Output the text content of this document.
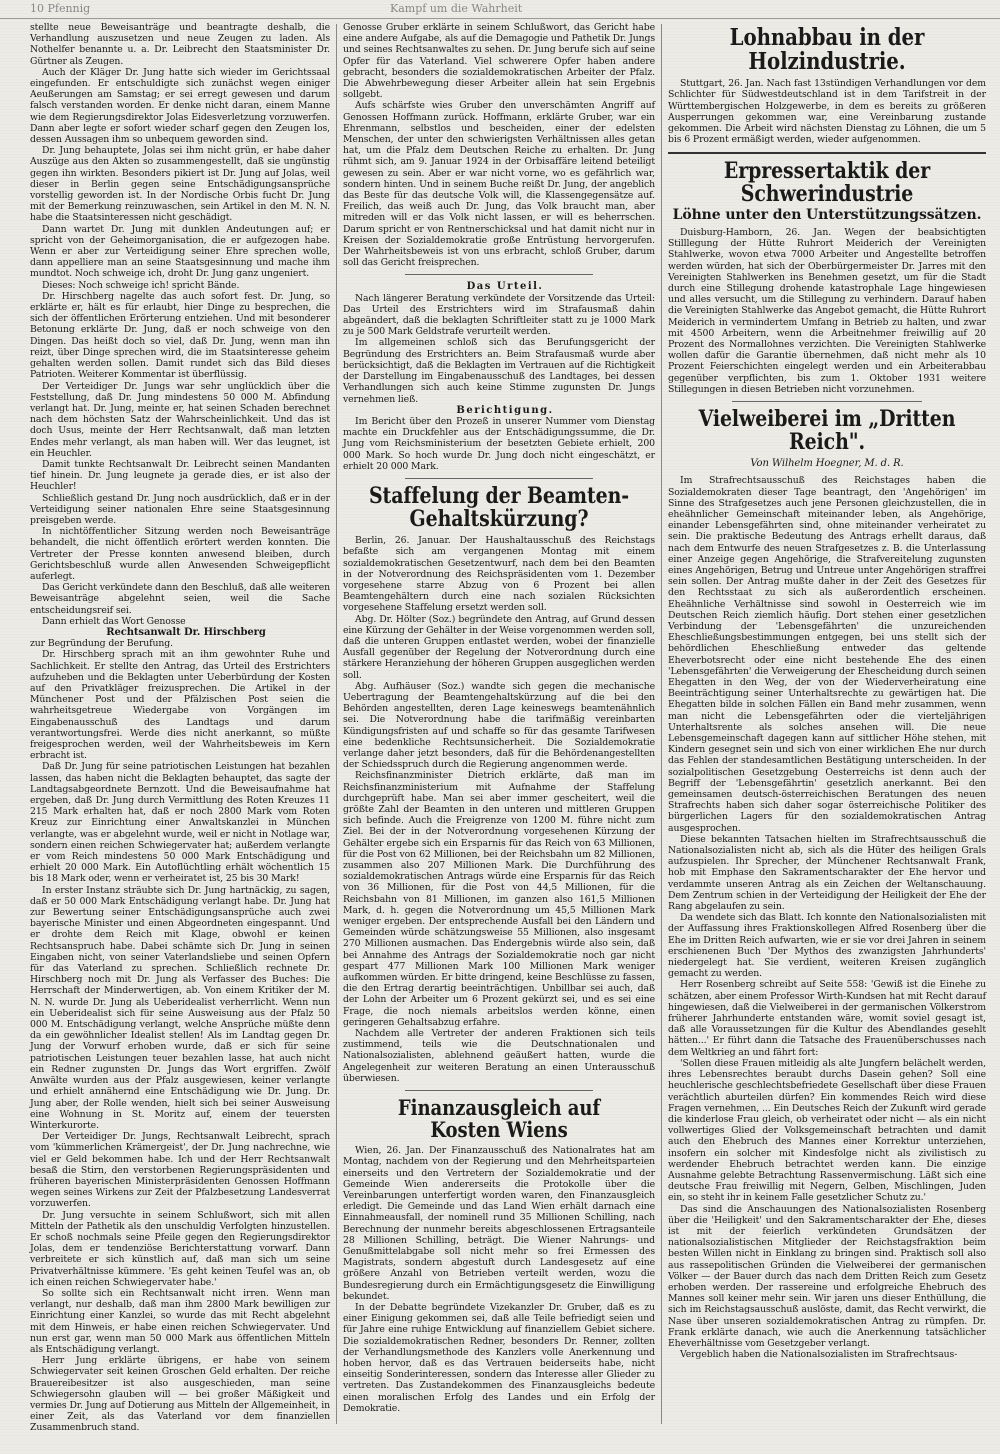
10 Pfennig	Kampf um die Wahrheit

stellte neue Beweisanträge und beantragte deshalb, die Verhandlung auszusetzen und neue Zeugen zu laden. Als Nothelfer benannte u. a. Dr. Leibrecht den Staatsminister Dr. Gürtner als Zeugen.

Auch der Kläger Dr. Jung hatte sich wieder im Gerichtssaal eingefunden. Er entschuldigte sich zunächst wegen einiger Aeußerungen am Samstag; er sei erregt gewesen und darum falsch verstanden worden. Er denke nicht daran, einem Manne wie dem Regierungsdirektor Jolas Eidesverletzung vorzuwerfen. Dann aber legte er sofort wieder scharf gegen den Zeugen los, dessen Aussagen ihm so unbequem geworden sind.

Dr. Jung behauptete, Jolas sei ihm nicht grün, er habe daher Auszüge aus den Akten so zusammengestellt, daß sie ungünstig gegen ihn wirkten. Besonders pikiert ist Dr. Jung auf Jolas, weil dieser in Berlin gegen seine Entschädigungsansprüche vorstellig geworden ist. In der Nordische Orbis fucht Dr. Jung mit der Bemerkung reinzuwaschen, sein Artikel in den M. N. N. habe die Staatsinteressen nicht geschädigt.

Dann wartet Dr. Jung mit dunklen Andeutungen auf; er spricht von der Geheimorganisation, die er aufgezogen habe. Wenn er aber zur Verteidigung seiner Ehre sprechen wolle, dann appelliere man an seine Staatsgesinnung und mache ihm mundtot. Noch schweige ich, droht Dr. Jung ganz ungeniert.

Dieses: Noch schweige ich! spricht Bände.

Dr. Hirschberg nagelte das auch sofort fest. Dr. Jung, so erklärte er, hält es für erlaubt, hier Dinge zu besprechen, die sich der öffentlichen Erörterung entziehen. Und mit besonderer Betonung erklärte Dr. Jung, daß er noch schweige von den Dingen. Das heißt doch so viel, daß Dr. Jung, wenn man ihn reizt, über Dinge sprechen wird, die im Staatsinteresse geheim gehalten werden sollen. Damit rundet sich das Bild dieses Patrioten. Weiterer Kommentar ist überflüssig.

Der Verteidiger Dr. Jungs war sehr unglücklich über die Feststellung, daß Dr. Jung mindestens 50 000 M. Abfindung verlangt hat. Dr. Jung, meinte er, hat seinen Schaden berechnet nach dem höchsten Satz der Wahrscheinlichkeit. Und das ist doch Usus, meinte der Herr Rechtsanwalt, daß man letzten Endes mehr verlangt, als man haben will. Wer das leugnet, ist ein Heuchler.

Damit tunkte Rechtsanwalt Dr. Leibrecht seinen Mandanten tief hinein. Dr. Jung leugnete ja gerade dies, er ist also der Heuchler!

Schließlich gestand Dr. Jung noch ausdrücklich, daß er in der Verteidigung seiner nationalen Ehre seine Staatsgesinnung preisgeben werde.

In nichtöffentlicher Sitzung werden noch Beweisanträge behandelt, die nicht öffentlich erörtert werden konnten. Die Vertreter der Presse konnten anwesend bleiben, durch Gerichtsbeschluß wurde allen Anwesenden Schweigepflicht auferlegt.

Das Gericht verkündete dann den Beschluß, daß alle weiteren Beweisanträge abgelehnt seien, weil die Sache entscheidungsreif sei.

Dann erhielt das Wort Genosse

Rechtsanwalt Dr. Hirschberg

zur Begründung der Berufung.

Dr. Hirschberg sprach mit an ihm gewohnter Ruhe und Sachlichkeit. Er stellte den Antrag, das Urteil des Erstrichters aufzuheben und die Beklagten unter Ueberbürdung der Kosten auf den Privatkläger freizusprechen. Die Artikel in der Münchener Post und der Pfälzischen Post seien die wahrheitsgetreue Wiedergabe von Vorgängen im Eingabenausschuß des Landtags und darum verantwortungsfrei. Werde dies nicht anerkannt, so müßte freigesprochen werden, weil der Wahrheitsbeweis im Kern erbracht ist.

Daß Dr. Jung für seine patriotischen Leistungen hat bezahlen lassen, das haben nicht die Beklagten behauptet, das sagte der Landtagsabgeordnete Bernzott. Und die Beweisaufnahme hat ergeben, daß Dr. Jung durch Vermittlung des Roten Kreuzes 11 215 Mark erhalten hat, daß er noch 2800 Mark vom Roten Kreuz zur Einrichtung einer Anwaltskanzlei in München verlangte, was er abgelehnt wurde, weil er nicht in Notlage war, sondern einen reichen Schwiegervater hat; außerdem verlangte er vom Reich mindestens 50 000 Mark Entschädigung und erhielt 20 000 Mark. Ein Autoflüchtling erhält wöchentlich 15 bis 18 Mark oder, wenn er verheiratet ist, 25 bis 30 Mark!

In erster Instanz sträubte sich Dr. Jung hartnäckig, zu sagen, daß er 50 000 Mark Entschädigung verlangt habe. Dr. Jung hat zur Bewertung seiner Entschädigungsansprüche auch zwei bayerische Minister und einen Abgeordneten eingespannt. Und er drohte dem Reich mit Klage, obwohl er keinen Rechtsanspruch habe. Dabei schämte sich Dr. Jung in seinen Eingaben nicht, von seiner Vaterlandsliebe und seinen Opfern für das Vaterland zu sprechen. Schließlich rechnete Dr. Hirschberg noch mit Dr. Jung als Verfasser des Buches: Die Herrschaft der Minderwertigen, ab. Von einem Kritiker der M. N. N. wurde Dr. Jung als Ueberidealist verherrlicht. Wenn nun ein Ueberidealist sich für seine Ausweisung aus der Pfalz 50 000 M. Entschädigung verlangt, welche Ansprüche müßte denn da ein gewöhnlicher Idealist stellen! Als im Landtag gegen Dr. Jung der Vorwurf erhoben wurde, daß er sich für seine patriotischen Leistungen teuer bezahlen lasse, hat auch nicht ein Redner zugunsten Dr. Jungs das Wort ergriffen. Zwölf Anwälte wurden aus der Pfalz ausgewiesen, keiner verlangte und erhielt annähernd eine Entschädigung wie Dr. Jung. Dr. Jung aber, der Rolle wenden, hielt sich bei seiner Ausweisung eine Wohnung in St. Moritz auf, einem der teuersten Winterkurorte.

Der Verteidiger Dr. Jungs, Rechtsanwalt Leibrecht, sprach vom 'kümmerlichen Krämergeist', der Dr. Jung nachrechne, wie viel er Geld bekommen habe. Ich und der Herr Rechtsanwalt besaß die Stirn, den verstorbenen Regierungspräsidenten und früheren bayerischen Ministerpräsidenten Genossen Hoffmann wegen seines Wirkens zur Zeit der Pfalzbesetzung Landesverrat vorzuwerfen.

Dr. Jung versuchte in seinem Schlußwort, sich mit allen Mitteln der Pathetik als den unschuldig Verfolgten hinzustellen. Er schoß nochmals seine Pfeile gegen den Regierungsdirektor Jolas, dem er tendenziöse Berichterstattung vorwarf. Dann verbreitete er sich künstlich auf, daß man sich um seine Privatverhältnisse kümmere. 'Es geht keinen Teufel was an, ob ich einen reichen Schwiegervater habe.'

So sollte sich ein Rechtsanwalt nicht irren. Wenn man verlangt, nur deshalb, daß man ihm 2800 Mark bewilligen zur Einrichtung einer Kanzlei, so wurde das mit Recht abgelehnt mit dem Hinweis, er habe einen reichen Schwiegervater. Und nun erst gar, wenn man 50 000 Mark aus öffentlichen Mitteln als Entschädigung verlangt.

Herr Jung erklärte übrigens, er habe von seinem Schwiegervater seit keinen Groschen Geld erhalten. Der reiche Brauereibesitzer ist also ausgeschieden, man seine Schwiegersohn glauben will — bei großer Mäßigkeit und vermies Dr. Jung auf Dotierung aus Mitteln der Allgemeinheit, in einer Zeit, als das Vaterland vor dem finanziellen Zusammenbruch stand.

Genosse Gruber erklärte in seinem Schlußwort, das Gericht habe eine andere Aufgabe, als auf die Demagogie und Pathetik Dr. Jungs und seines Rechtsanwaltes zu sehen. Dr. Jung berufe sich auf seine Opfer für das Vaterland. Viel schwerere Opfer haben andere gebracht, besonders die sozialdemokratischen Arbeiter der Pfalz. Die Abwehrbewegung dieser Arbeiter allein hat sein Ergebnis sollgebt.

Aufs schärfste wies Gruber den unverschämten Angriff auf Genossen Hoffmann zurück. Hoffmann, erklärte Gruber, war ein Ehrenmann, selbstlos und bescheiden, einer der edelsten Menschen, der unter den schwierigsten Verhältnissen alles getan hat, um die Pfalz dem Deutschen Reiche zu erhalten. Dr. Jung rühmt sich, am 9. Januar 1924 in der Orbisaffäre leitend beteiligt gewesen zu sein. Aber er war nicht vorne, wo es gefährlich war, sondern hinten. Und in seinem Buche reißt Dr. Jung, der angeblich das Beste für das deutsche Volk will, die Klassengegensätze auf. Freilich, das weiß auch Dr. Jung, das Volk braucht man, aber mitreden will er das Volk nicht lassen, er will es beherrschen. Darum spricht er von Rentnerschicksal und hat damit nicht nur in Kreisen der Sozialdemokratie große Entrüstung hervorgerufen. Der Wahrheitsbeweis ist von uns erbracht, schloß Gruber, darum soll das Gericht freisprechen.

Das Urteil.

Nach längerer Beratung verkündete der Vorsitzende das Urteil: Das Urteil des Erstrichters wird im Strafausmaß dahin abgeändert, daß die beklagten Schriftleiter statt zu je 1000 Mark zu je 500 Mark Geldstrafe verurteilt werden.

Im allgemeinen schloß sich das Berufungsgericht der Begründung des Erstrichters an. Beim Strafausmaß wurde aber berücksichtigt, daß die Beklagten im Vertrauen auf die Richtigkeit der Darstellung im Eingabenausschuß des Landtages, bei dessen Verhandlungen sich auch keine Stimme zugunsten Dr. Jungs vernehmen ließ.

Berichtigung.

Im Bericht über den Prozeß in unserer Nummer vom Dienstag machte ein Druckfehler aus der Entschädigungssumme, die Dr. Jung vom Reichsministerium der besetzten Gebiete erhielt, 200 000 Mark. So hoch wurde Dr. Jung doch nicht eingeschätzt, er erhielt 20 000 Mark.

Staffelung der Beamten-Gehaltskürzung?

Berlin, 26. Januar. Der Haushaltausschuß des Reichstags befaßte sich am vergangenen Montag mit einem sozialdemokratischen Gesetzentwurf, nach dem bei den Beamten in der Notverordnung des Reichspräsidenten vom 1. Dezember vorgesehene starre Abzug von 6 Prozent bei allen Beamtengehältern durch eine nach sozialen Rücksichten vorgesehene Staffelung ersetzt werden soll.

Abg. Dr. Hölter (Soz.) begründete den Antrag, auf Grund dessen eine Kürzung der Gehälter in der Weise vorgenommen werden soll, daß die unteren Gruppen entlastet werden, wobei der finanzielle Ausfall gegenüber der Regelung der Notverordnung durch eine stärkere Heranziehung der höheren Gruppen ausgeglichen werden soll.

Abg. Aufhäuser (Soz.) wandte sich gegen die mechanische Uebertragung der Beamtengehaltskürzung auf die bei den Behörden angestellten, deren Lage keineswegs beamtenähnlich sei. Die Notverordnung habe die tarifmäßig vereinbarten Kündigungsfristen auf und schaffe so für das gesamte Tarifwesen eine bedenkliche Rechtsunsicherheit. Die Sozialdemokratie verlange daher jetzt besonders, daß für die Behördenangestellten der Schiedsspruch durch die Regierung angenommen werde.

Reichsfinanzminister Dietrich erklärte, daß man im Reichsfinanzministerium mit Aufnahme der Staffelung durchgeprüft habe. Man sei aber immer gescheitert, weil die größte Zahl der Beamten in den unteren und mittleren Gruppen sich befinde. Auch die Freigrenze von 1200 M. führe nicht zum Ziel. Bei der in der Notverordnung vorgesehenen Kürzung der Gehälter ergebe sich ein Ersparnis für das Reich von 63 Millionen, für die Post von 62 Millionen, bei der Reichsbahn um 82 Millionen, zusammen also 207 Millionen Mark. Die Durchführung des sozialdemokratischen Antrags würde eine Ersparnis für das Reich von 36 Millionen, für die Post von 44,5 Millionen, für die Reichsbahn von 81 Millionen, im ganzen also 161,5 Millionen Mark, d. h. gegen die Notverordnung um 45,5 Millionen Mark weniger ergeben. Der entsprechende Ausfall bei den Ländern und Gemeinden würde schätzungsweise 55 Millionen, also insgesamt 270 Millionen ausmachen. Das Endergebnis würde also sein, daß bei Annahme des Antrags der Sozialdemokratie noch gar nicht gespart 477 Millionen Mark 100 Millionen Mark weniger aufkommen würden. Er bitte dringend, keine Beschlüsse zu fassen, die den Ertrag derartig beeinträchtigen. Unbillbar sei auch, daß der Lohn der Arbeiter um 6 Prozent gekürzt sei, und es sei eine Frage, die noch niemals arbeitslos werden könne, einen geringeren Gehaltsabzug erfahre.

Nachdem alle Vertreter der anderen Fraktionen sich teils zustimmend, teils wie die Deutschnationalen und Nationalsozialisten, ablehnend geäußert hatten, wurde die Angelegenheit zur weiteren Beratung an einen Unterausschuß überwiesen.

Finanzausgleich auf Kosten Wiens

Wien, 26. Jan. Der Finanzausschuß des Nationalrates hat am Montag, nachdem von der Regierung und den Mehrheitsparteien einerseits und den Vertretern der Sozialdemokratie und der Gemeinde Wien andererseits die Protokolle über die Vereinbarungen unterfertigt worden waren, den Finanzausgleich erledigt. Die Gemeinde und das Land Wien erhält darnach eine Einnahmeausfall, der nominell rund 35 Millionen Schilling, nach Berechnung der nunmehr bereits abgeschlossenen Ertragsanteile 28 Millionen Schilling, beträgt. Die Wiener Nahrungs- und Genußmittelabgabe soll nicht mehr so frei Ermessen des Magistrats, sondern abgestuft durch Landesgesetz auf eine größere Anzahl von Betrieben verteilt werden, wozu die Bundesregierung durch ein Ermächtigungsgesetz die Einwilligung bekundet.

In der Debatte begründete Vizekanzler Dr. Gruber, daß es zu einer Einigung gekommen sei, daß alle Teile befriedigt seien und für Jahre eine ruhige Entwicklung auf finanziellem Gebiet sichere. Die sozialdemokratischen Redner, besonders Dr. Renner, zollten der Verhandlungsmethode des Kanzlers volle Anerkennung und hoben hervor, daß es das Vertrauen beiderseits habe, nicht einseitig Sonderinteressen, sondern das Interesse aller Glieder zu vertreten. Das Zustandekommen des Finanzausgleichs bedeute einen moralischen Erfolg des Landes und ein Erfolg der Demokratie.

Lohnabbau in der Holzindustrie.

Stuttgart, 26. Jan. Nach fast 13stündigen Verhandlungen vor dem Schlichter für Südwestdeutschland ist in dem Tarifstreit in der Württembergischen Holzgewerbe, in dem es bereits zu größeren Ausperrungen gekommen war, eine Vereinbarung zustande gekommen. Die Arbeit wird nächsten Dienstag zu Löhnen, die um 5 bis 6 Prozent ermäßigt werden, wieder aufgenommen.

Erpressertaktik der Schwerindustrie
Löhne unter den Unterstützungssätzen.

Duisburg-Hamborn, 26. Jan. Wegen der beabsichtigten Stilllegung der Hütte Ruhrort Meiderich der Vereinigten Stahlwerke, wovon etwa 7000 Arbeiter und Angestellte betroffen werden würden, hat sich der Oberbürgermeister Dr. Jarres mit den Vereinigten Stahlwerken ins Benehmen gesetzt, um für die Stadt durch eine Stillegung drohende katastrophale Lage hingewiesen und alles versucht, um die Stillegung zu verhindern. Darauf haben die Vereinigten Stahlwerke das Angebot gemacht, die Hütte Ruhrort Meiderich in vermindertem Umfang in Betrieb zu halten, und zwar mit 4500 Arbeitern, wenn die Arbeitnehmer freiwillig auf 20 Prozent des Normallohnes verzichten. Die Vereinigten Stahlwerke wollen dafür die Garantie übernehmen, daß nicht mehr als 10 Prozent Feierschichten eingelegt werden und ein Arbeiterabbau gegenüber verpflichten, bis zum 1. Oktober 1931 weitere Stillegungen in diesen Betrieben nicht vorzunehmen.

Vielweiberei im „Dritten Reich".
Von Wilhelm Hoegner, M. d. R.

Im Strafrechtsausschuß des Reichstages haben die Sozialdemokraten dieser Tage beantragt, den 'Angehörigen' im Sinne des Strafgesetzes auch jene Personen gleichzustellen, die in eheähnlicher Gemeinschaft miteinander leben, als Angehörige, einander Lebensgefährten sind, ohne miteinander verheiratet zu sein. Die praktische Bedeutung des Antrags erhellt daraus, daß nach dem Entwurfe des neuen Strafgesetzes z. B. die Unterlassung einer Anzeige gegen Angehörige, die Strafvereitelung zugunsten eines Angehörigen, Betrug und Untreue unter Angehörigen straffrei sein sollen. Der Antrag mußte daher in der Zeit des Gesetzes für den Rechtsstaat zu sich als außerordentlich erscheinen. Eheähnliche Verhältnisse sind sowohl in Oesterreich wie im Deutschen Reich ziemlich häufig. Dort stehen einer gesetzlichen Verbindung der 'Lebensgefährten' die unzureichenden Eheschließungsbestimmungen entgegen, bei uns stellt sich der behördlichen Eheschließung entweder das geltende Eheverbotsrecht oder eine nicht bestehende Ehe des einen 'Lebensgefährten' die Verweigerung der Ehescheidung durch seinen Ehegatten in den Weg, der von der Wiederverheiratung eine Beeinträchtigung seiner Unterhaltsrechte zu gewärtigen hat. Die Ehegatten bilde in solchen Fällen ein Band mehr zusammen, wenn man nicht die Lebensgefährten oder die vierteljährigen Unterhaltsrente als solches ansehen will. Die neue Lebensgemeinschaft dagegen kann auf sittlicher Höhe stehen, mit Kindern gesegnet sein und sich von einer wirklichen Ehe nur durch das Fehlen der standesamtlichen Bestätigung unterscheiden. In der sozialpolitischen Gesetzgebung Oesterreichs ist denn auch der Begriff der 'Lebensgefährtin' gesetzlich anerkannt. Bei den gemeinsamen deutsch-österreichischen Beratungen des neuen Strafrechts haben sich daher sogar österreichische Politiker des bürgerlichen Lagers für den sozialdemokratischen Antrag ausgesprochen.

Diese bekannten Tatsachen hielten im Strafrechtsausschuß die Nationalsozialisten nicht ab, sich als die Hüter des heiligen Grals aufzuspielen. Ihr Sprecher, der Münchener Rechtsanwalt Frank, hob mit Emphase den Sakramentscharakter der Ehe hervor und verdammte unseren Antrag als ein Zeichen der Weltanschauung. Dem Zentrum schien in der Verteidigung der Heiligkeit der Ehe der Rang abgelaufen zu sein.

Da wendete sich das Blatt. Ich konnte den Nationalsozialisten mit der Auffassung ihres Fraktionskollegen Alfred Rosenberg über die Ehe im Dritten Reich aufwarten, wie er sie vor drei Jahren in seinem erschienenen Buch 'Der Mythos des zwanzigsten Jahrhunderts' niedergelegt hat. Sie verdient, weiteren Kreisen zugänglich gemacht zu werden.

Herr Rosenberg schreibt auf Seite 558: 'Gewiß ist die Einehe zu schätzen, aber einem Professor Wirth-Kundsen hat mit Recht darauf hingewiesen, daß die Vielweiberei in der germanischen Völkerstrom früherer Jahrhunderte entstanden wäre, womit soviel gesagt ist, daß alle Voraussetzungen für die Kultur des Abendlandes gesehlt hätten...' Er führt dann die Tatsache des Frauenüberschusses nach dem Weltkrieg an und fährt fort:

'Sollen diese Frauen mitleidig als alte Jungfern belächelt werden, ihres Lebensrechtes beraubt durchs Dasein gehen? Soll eine heuchlerische geschlechtsbefriedete Gesellschaft über diese Frauen verächtlich aburteilen dürfen? Ein kommendes Reich wird diese Fragen vernehmen, ... Ein Deutsches Reich der Zukunft wird gerade die kinderlose Frau gleich, ob verheiratet oder nicht — als ein nicht vollwertiges Glied der Volksgemeinschaft betrachten und damit auch den Ehebruch des Mannes einer Korrektur unterziehen, insofern ein solcher mit Kindesfolge nicht als zivilistisch zu werdender Ehebruch betrachtet werden kann. Die einzige Ausnahme gelebte Betrachtung Rassenvermischung. Läßt sich eine deutsche Frau freiwillig mit Negern, Gelben, Mischlingen, Juden ein, so steht ihr in keinem Falle gesetzlicher Schutz zu.'

Das sind die Anschauungen des Nationalsozialisten Rosenberg über die 'Heiligkeit' und den Sakramentscharakter der Ehe, dieses ist mit der feierlich verkündeten Grundsätzen der nationalsozialistischen Mitglieder der Reichstagsfraktion beim besten Willen nicht in Einklang zu bringen sind. Praktisch soll also aus rassepolitischen Gründen die Vielweiberei der germanischen Völker — der Bauer durch das nach dem Dritten Reich zum Gesetz erhoben werden. Der rassereine und erfolgreiche Ehebruch des Mannes soll keiner mehr sein. Wir jaren uns dieser Enthüllung, die sich im Reichstagsausschuß auslöste, damit, das Recht verwirkt, die Nase über unseren sozialdemokratischen Antrag zu rümpfen. Dr. Frank erklärte danach, wie auch die Anerkennung tatsächlicher Eheverhältnisse vom Gesetzgeber verlangt.

Vergeblich haben die Nationalsozialisten im Strafrechtsaus-
